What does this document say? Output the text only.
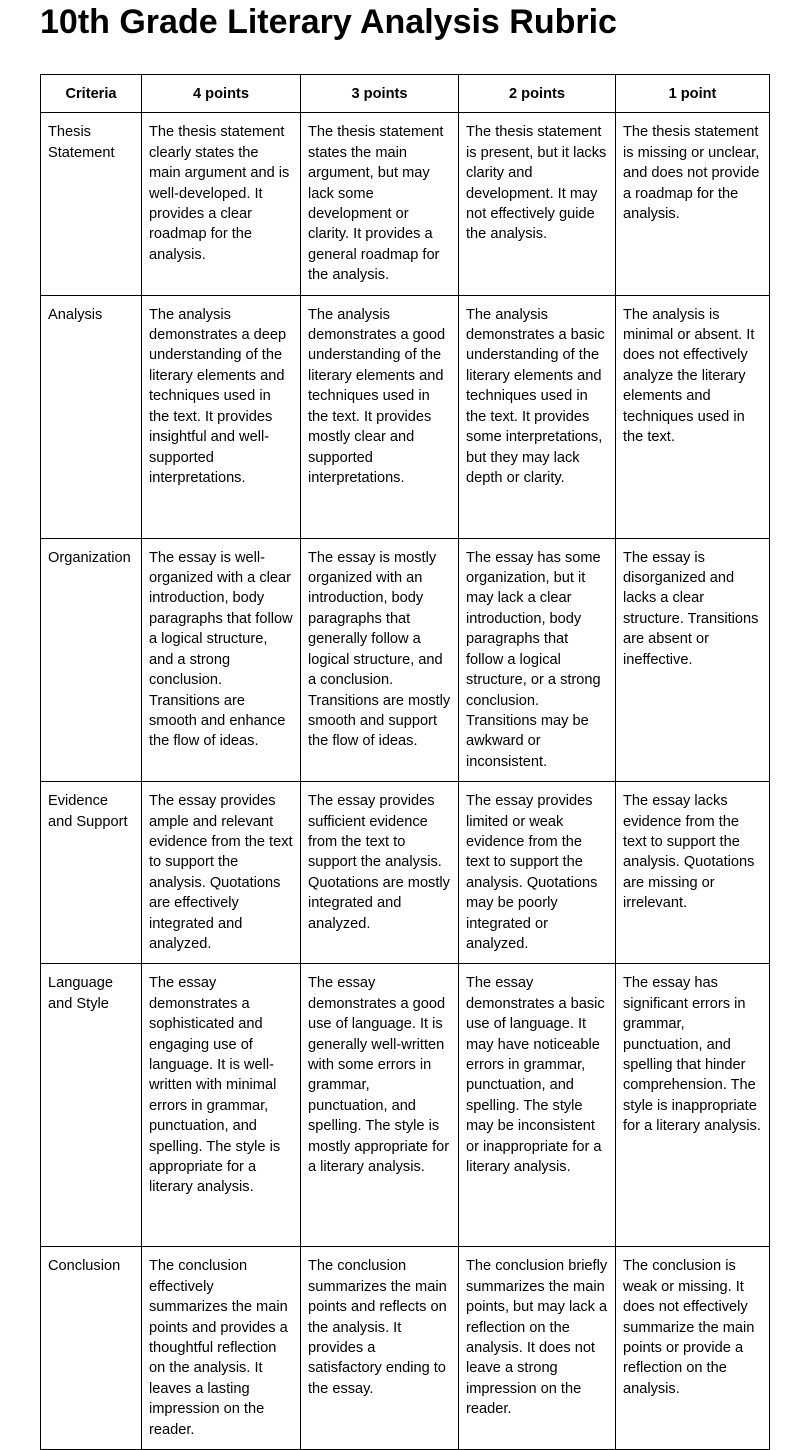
10th Grade Literary Analysis Rubric
Criteria	4 points	3 points	2 points	1 point
Thesis Statement	The thesis statement clearly states the main argument and is well-developed. It provides a clear roadmap for the analysis.	The thesis statement states the main argument, but may lack some development or clarity. It provides a general roadmap for the analysis.	The thesis statement is present, but it lacks clarity and development. It may not effectively guide the analysis.	The thesis statement is missing or unclear, and does not provide a roadmap for the analysis.
Analysis	The analysis demonstrates a deep understanding of the literary elements and techniques used in the text. It provides insightful and well-supported interpretations.	The analysis demonstrates a good understanding of the literary elements and techniques used in the text. It provides mostly clear and supported interpretations.	The analysis demonstrates a basic understanding of the literary elements and techniques used in the text. It provides some interpretations, but they may lack depth or clarity.	The analysis is minimal or absent. It does not effectively analyze the literary elements and techniques used in the text.
Organization	The essay is well-organized with a clear introduction, body paragraphs that follow a logical structure, and a strong conclusion. Transitions are smooth and enhance the flow of ideas.	The essay is mostly organized with an introduction, body paragraphs that generally follow a logical structure, and a conclusion. Transitions are mostly smooth and support the flow of ideas.	The essay has some organization, but it may lack a clear introduction, body paragraphs that follow a logical structure, or a strong conclusion. Transitions may be awkward or inconsistent.	The essay is disorganized and lacks a clear structure. Transitions are absent or ineffective.
Evidence and Support	The essay provides ample and relevant evidence from the text to support the analysis. Quotations are effectively integrated and analyzed.	The essay provides sufficient evidence from the text to support the analysis. Quotations are mostly integrated and analyzed.	The essay provides limited or weak evidence from the text to support the analysis. Quotations may be poorly integrated or analyzed.	The essay lacks evidence from the text to support the analysis. Quotations are missing or irrelevant.
Language and Style	The essay demonstrates a sophisticated and engaging use of language. It is well-written with minimal errors in grammar, punctuation, and spelling. The style is appropriate for a literary analysis.	The essay demonstrates a good use of language. It is generally well-written with some errors in grammar, punctuation, and spelling. The style is mostly appropriate for a literary analysis.	The essay demonstrates a basic use of language. It may have noticeable errors in grammar, punctuation, and spelling. The style may be inconsistent or inappropriate for a literary analysis.	The essay has significant errors in grammar, punctuation, and spelling that hinder comprehension. The style is inappropriate for a literary analysis.
Conclusion	The conclusion effectively summarizes the main points and provides a thoughtful reflection on the analysis. It leaves a lasting impression on the reader.	The conclusion summarizes the main points and reflects on the analysis. It provides a satisfactory ending to the essay.	The conclusion briefly summarizes the main points, but may lack a reflection on the analysis. It does not leave a strong impression on the reader.	The conclusion is weak or missing. It does not effectively summarize the main points or provide a reflection on the analysis.
